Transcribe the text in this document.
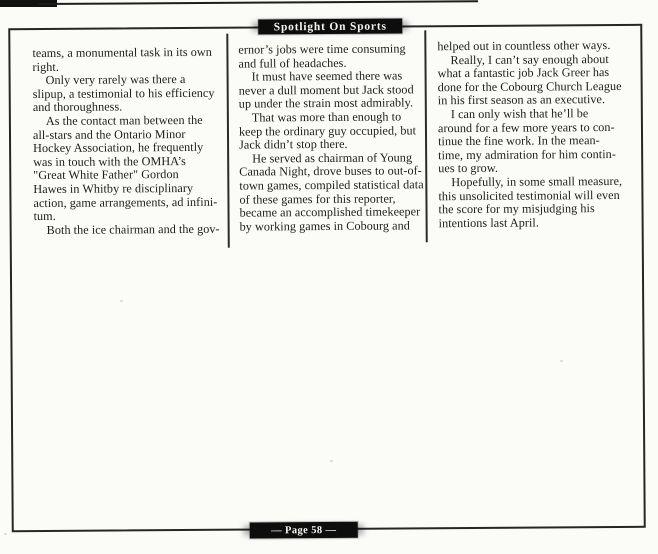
Spotlight On Sports
teams, a monumental task in its own
right.
Only very rarely was there a
slipup, a testimonial to his efficiency
and thoroughness.
As the contact man between the
all-stars and the Ontario Minor
Hockey Association, he frequently
was in touch with the OMHA’s
"Great White Father" Gordon
Hawes in Whitby re disciplinary
action, game arrangements, ad infini-
tum.
Both the ice chairman and the gov-
ernor’s jobs were time consuming
and full of headaches.
It must have seemed there was
never a dull moment but Jack stood
up under the strain most admirably.
That was more than enough to
keep the ordinary guy occupied, but
Jack didn’t stop there.
He served as chairman of Young
Canada Night, drove buses to out-of-
town games, compiled statistical data
of these games for this reporter,
became an accomplished timekeeper
by working games in Cobourg and
helped out in countless other ways.
Really, I can’t say enough about
what a fantastic job Jack Greer has
done for the Cobourg Church League
in his first season as an executive.
I can only wish that he’ll be
around for a few more years to con-
tinue the fine work. In the mean-
time, my admiration for him contin-
ues to grow.
Hopefully, in some small measure,
this unsolicited testimonial will even
the score for my misjudging his
intentions last April.
— Page 58 —
